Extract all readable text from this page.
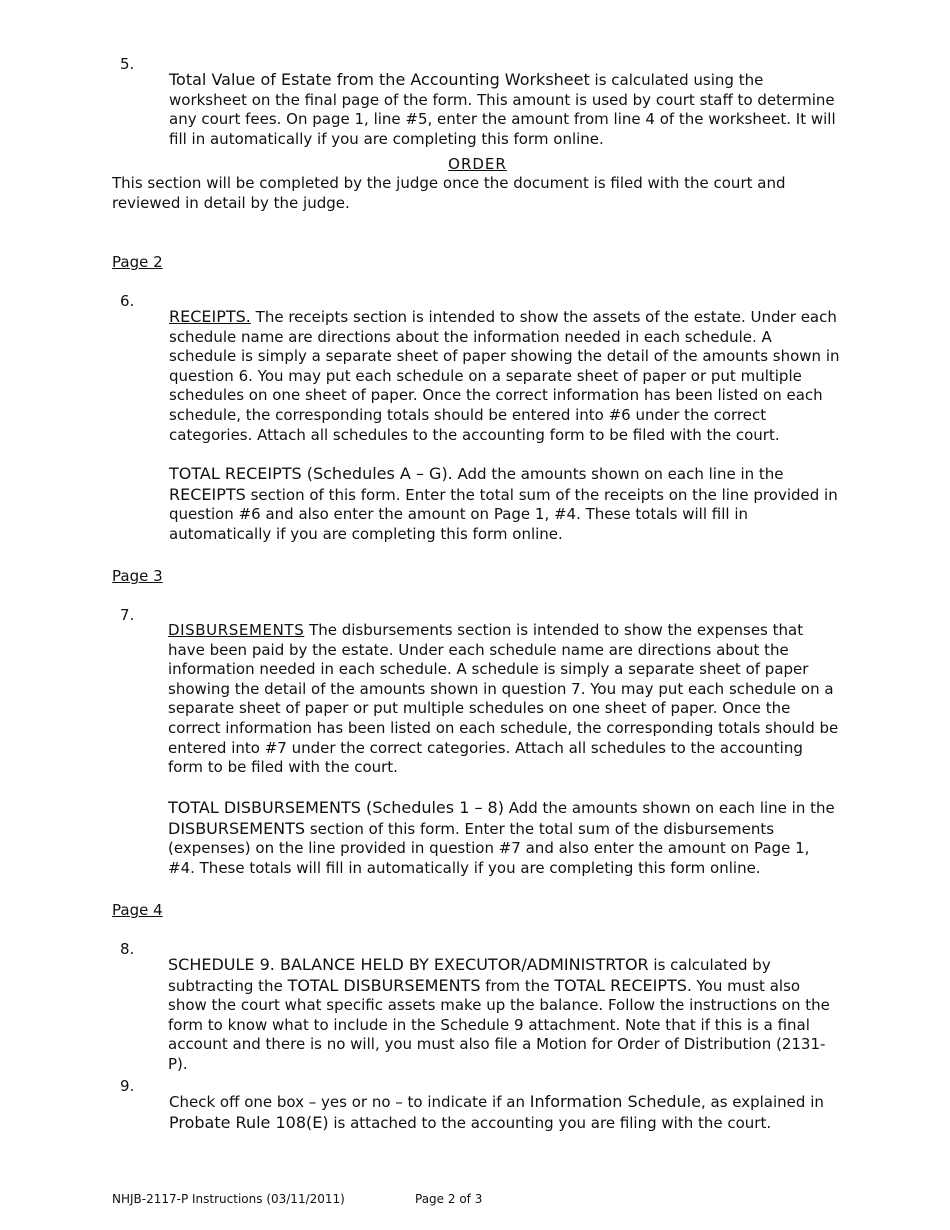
5.

Total Value of Estate from the Accounting Worksheet is calculated using the worksheet on the final page of the form. This amount is used by court staff to determine any court fees. On page 1, line #5, enter the amount from line 4 of the worksheet. It will fill in automatically if you are completing this form online.

ORDER

This section will be completed by the judge once the document is filed with the court and reviewed in detail by the judge.

Page 2
6.

RECEIPTS. The receipts section is intended to show the assets of the estate. Under each schedule name are directions about the information needed in each schedule. A schedule is simply a separate sheet of paper showing the detail of the amounts shown in question 6. You may put each schedule on a separate sheet of paper or put multiple schedules on one sheet of paper. Once the correct information has been listed on each schedule, the corresponding totals should be entered into #6 under the correct categories. Attach all schedules to the accounting form to be filed with the court.

TOTAL RECEIPTS (Schedules A – G). Add the amounts shown on each line in the RECEIPTS section of this form. Enter the total sum of the receipts on the line provided in question #6 and also enter the amount on Page 1, #4. These totals will fill in automatically if you are completing this form online.

Page 3
7.

DISBURSEMENTS The disbursements section is intended to show the expenses that have been paid by the estate. Under each schedule name are directions about the information needed in each schedule. A schedule is simply a separate sheet of paper showing the detail of the amounts shown in question 7. You may put each schedule on a separate sheet of paper or put multiple schedules on one sheet of paper. Once the correct information has been listed on each schedule, the corresponding totals should be entered into #7 under the correct categories. Attach all schedules to the accounting form to be filed with the court.

TOTAL DISBURSEMENTS (Schedules 1 – 8) Add the amounts shown on each line in the DISBURSEMENTS section of this form. Enter the total sum of the disbursements (expenses) on the line provided in question #7 and also enter the amount on Page 1, #4. These totals will fill in automatically if you are completing this form online.

Page 4
8.

SCHEDULE 9. BALANCE HELD BY EXECUTOR/ADMINISTRTOR is calculated by subtracting the TOTAL DISBURSEMENTS from the TOTAL RECEIPTS. You must also show the court what specific assets make up the balance. Follow the instructions on the form to know what to include in the Schedule 9 attachment. Note that if this is a final account and there is no will, you must also file a Motion for Order of Distribution (2131-P).

9.

Check off one box – yes or no – to indicate if an Information Schedule, as explained in Probate Rule 108(E) is attached to the accounting you are filing with the court.

NHJB-2117-P Instructions (03/11/2011)	Page 2 of 3
